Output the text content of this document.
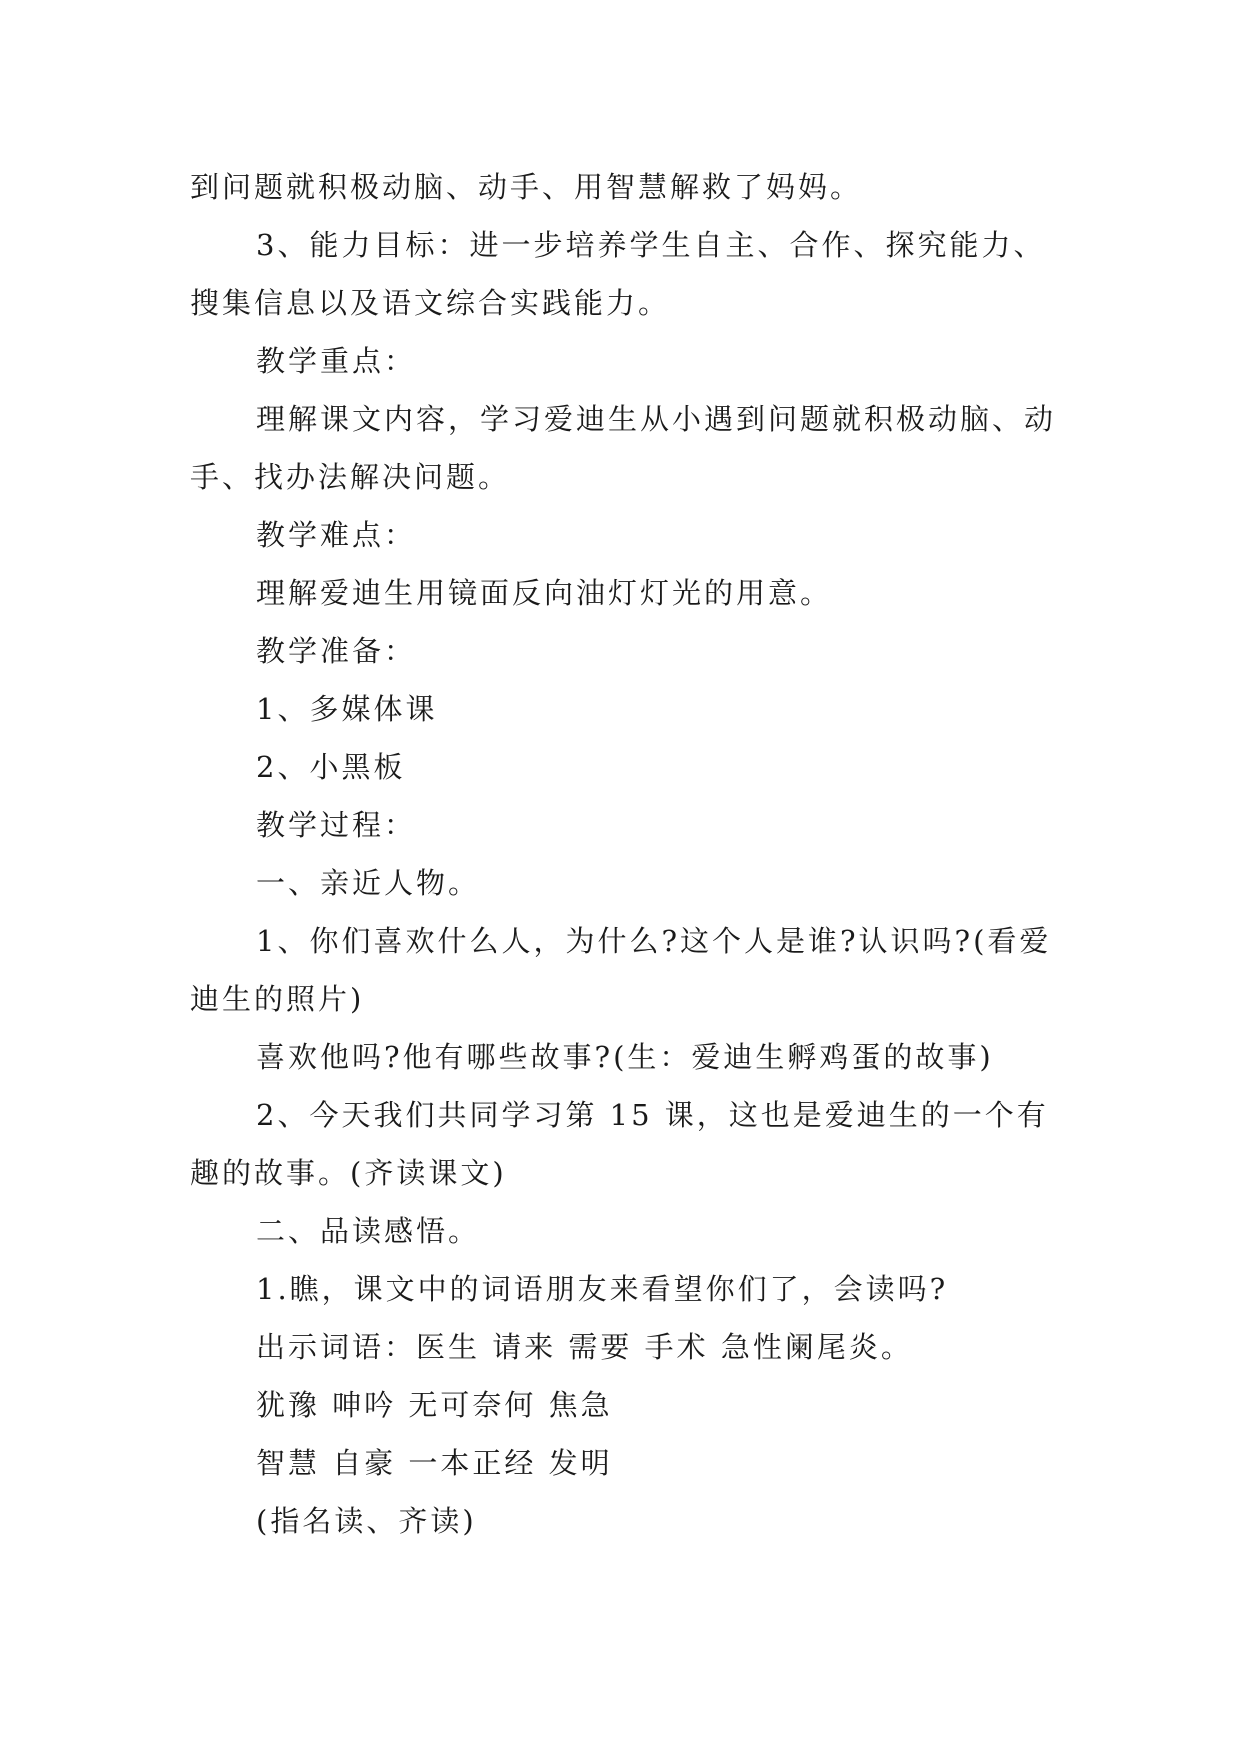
到问题就积极动脑、动手、用智慧解救了妈妈。

3、能力目标：进一步培养学生自主、合作、探究能力、搜集信息以及语文综合实践能力。

教学重点：

理解课文内容，学习爱迪生从小遇到问题就积极动脑、动手、找办法解决问题。

教学难点：

理解爱迪生用镜面反向油灯灯光的用意。

教学准备：

1、多媒体课

2、小黑板

教学过程：

一、亲近人物。

1、你们喜欢什么人，为什么?这个人是谁?认识吗?(看爱迪生的照片)

喜欢他吗?他有哪些故事?(生：爱迪生孵鸡蛋的故事)

2、今天我们共同学习第 15 课，这也是爱迪生的一个有趣的故事。(齐读课文)

二、品读感悟。

1.瞧，课文中的词语朋友来看望你们了，会读吗?

出示词语：医生 请来 需要 手术 急性阑尾炎。

犹豫 呻吟 无可奈何 焦急

智慧 自豪 一本正经 发明

(指名读、齐读)
